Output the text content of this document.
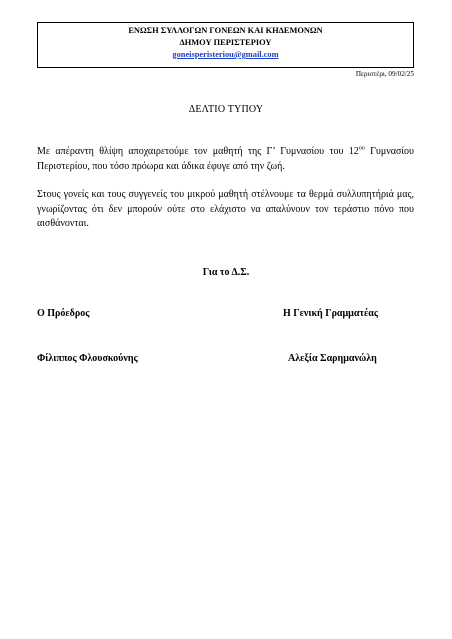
ΕΝΩΣΗ ΣΥΛΛΟΓΩΝ ΓΟΝΕΩΝ ΚΑΙ ΚΗΔΕΜΟΝΩΝ
ΔΗΜΟΥ ΠΕΡΙΣΤΕΡΙΟΥ
goneisperisteriou@gmail.com
Περιστέρι, 09/02/25
ΔΕΛΤΙΟ ΤΥΠΟΥ

Με απέραντη θλίψη αποχαιρετούμε τον μαθητή της Γ’ Γυμνασίου του $12^{o\upsilon}$ Γυμνασίου Περιστερίου, που τόσο πρόωρα και άδικα έφυγε από την ζωή.

Στους γονείς και τους συγγενείς του μικρού μαθητή στέλνουμε τα θερμά συλλυπητήριά μας, γνωρίζοντας ότι δεν μπορούν ούτε στο ελάχιστο να απαλύνουν τον τεράστιο πόνο που αισθάνονται.

Για το Δ.Σ.
Ο Πρόεδρος	Η Γενική Γραμματέας
Φίλιππος Φλουσκούνης	Αλεξία Σαρημανώλη
